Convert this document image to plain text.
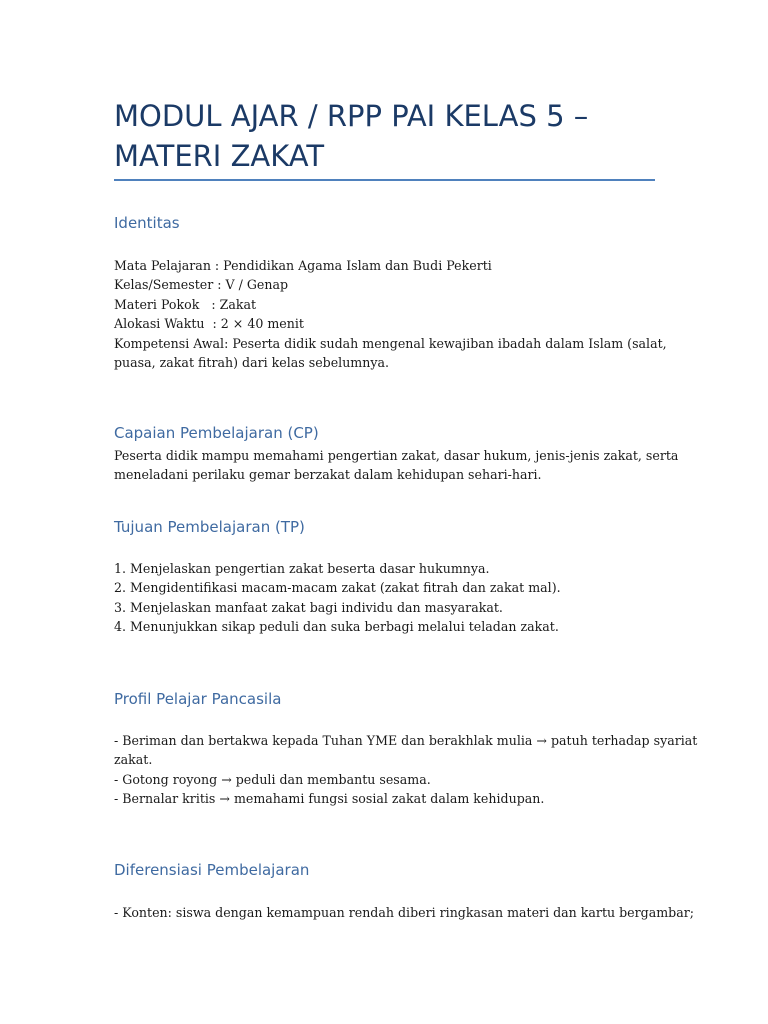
MODUL AJAR / RPP PAI KELAS 5 –
MATERI ZAKAT
Identitas
Mata Pelajaran : Pendidikan Agama Islam dan Budi Pekerti
Kelas/Semester : V / Genap
Materi Pokok   : Zakat
Alokasi Waktu  : 2 × 40 menit
Kompetensi Awal: Peserta didik sudah mengenal kewajiban ibadah dalam Islam (salat,
puasa, zakat fitrah) dari kelas sebelumnya.
Capaian Pembelajaran (CP)
Peserta didik mampu memahami pengertian zakat, dasar hukum, jenis-jenis zakat, serta
meneladani perilaku gemar berzakat dalam kehidupan sehari-hari.
Tujuan Pembelajaran (TP)
1. Menjelaskan pengertian zakat beserta dasar hukumnya.
2. Mengidentifikasi macam-macam zakat (zakat fitrah dan zakat mal).
3. Menjelaskan manfaat zakat bagi individu dan masyarakat.
4. Menunjukkan sikap peduli dan suka berbagi melalui teladan zakat.
Profil Pelajar Pancasila
- Beriman dan bertakwa kepada Tuhan YME dan berakhlak mulia → patuh terhadap syariat
zakat.
- Gotong royong → peduli dan membantu sesama.
- Bernalar kritis → memahami fungsi sosial zakat dalam kehidupan.
Diferensiasi Pembelajaran
- Konten: siswa dengan kemampuan rendah diberi ringkasan materi dan kartu bergambar;
